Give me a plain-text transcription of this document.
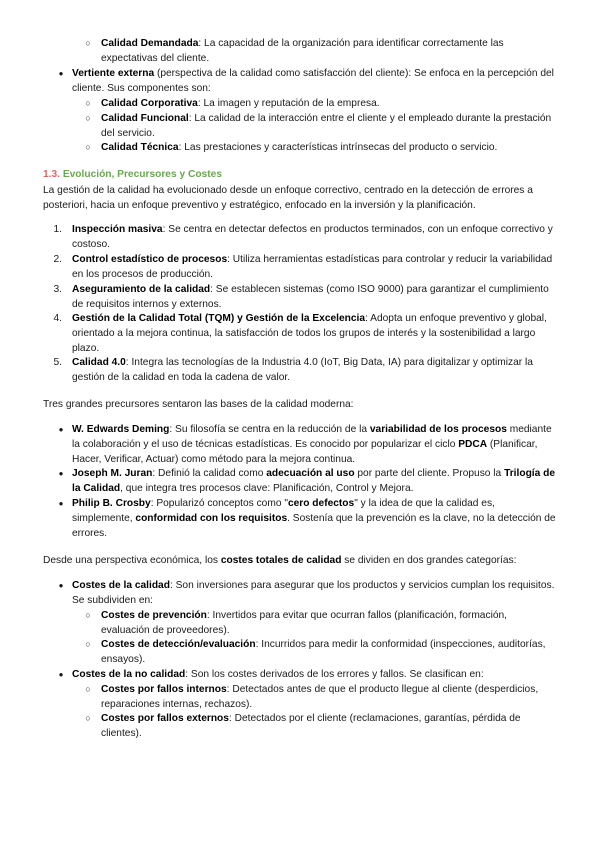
○ Calidad Demandada: La capacidad de la organización para identificar correctamente las expectativas del cliente.

● Vertiente externa (perspectiva de la calidad como satisfacción del cliente): Se enfoca en la percepción del cliente. Sus componentes son:

○ Calidad Corporativa: La imagen y reputación de la empresa.

○ Calidad Funcional: La calidad de la interacción entre el cliente y el empleado durante la prestación del servicio.

○ Calidad Técnica: Las prestaciones y características intrínsecas del producto o servicio.

1.3. Evolución, Precursores y Costes

La gestión de la calidad ha evolucionado desde un enfoque correctivo, centrado en la detección de errores a posteriori, hacia un enfoque preventivo y estratégico, enfocado en la inversión y la planificación.

1. Inspección masiva: Se centra en detectar defectos en productos terminados, con un enfoque correctivo y costoso.

2. Control estadístico de procesos: Utiliza herramientas estadísticas para controlar y reducir la variabilidad en los procesos de producción.

3. Aseguramiento de la calidad: Se establecen sistemas (como ISO 9000) para garantizar el cumplimiento de requisitos internos y externos.

4. Gestión de la Calidad Total (TQM) y Gestión de la Excelencia: Adopta un enfoque preventivo y global, orientado a la mejora continua, la satisfacción de todos los grupos de interés y la sostenibilidad a largo plazo.

5. Calidad 4.0: Integra las tecnologías de la Industria 4.0 (IoT, Big Data, IA) para digitalizar y optimizar la gestión de la calidad en toda la cadena de valor.

Tres grandes precursores sentaron las bases de la calidad moderna:

● W. Edwards Deming: Su filosofía se centra en la reducción de la variabilidad de los procesos mediante la colaboración y el uso de técnicas estadísticas. Es conocido por popularizar el ciclo PDCA (Planificar, Hacer, Verificar, Actuar) como método para la mejora continua.

● Joseph M. Juran: Definió la calidad como adecuación al uso por parte del cliente. Propuso la Trilogía de la Calidad, que integra tres procesos clave: Planificación, Control y Mejora.

● Philip B. Crosby: Popularizó conceptos como "cero defectos" y la idea de que la calidad es, simplemente, conformidad con los requisitos. Sostenía que la prevención es la clave, no la detección de errores.

Desde una perspectiva económica, los costes totales de calidad se dividen en dos grandes categorías:

● Costes de la calidad: Son inversiones para asegurar que los productos y servicios cumplan los requisitos. Se subdividen en:

○ Costes de prevención: Invertidos para evitar que ocurran fallos (planificación, formación, evaluación de proveedores).

○ Costes de detección/evaluación: Incurridos para medir la conformidad (inspecciones, auditorías, ensayos).

● Costes de la no calidad: Son los costes derivados de los errores y fallos. Se clasifican en:

○ Costes por fallos internos: Detectados antes de que el producto llegue al cliente (desperdicios, reparaciones internas, rechazos).

○ Costes por fallos externos: Detectados por el cliente (reclamaciones, garantías, pérdida de clientes).
